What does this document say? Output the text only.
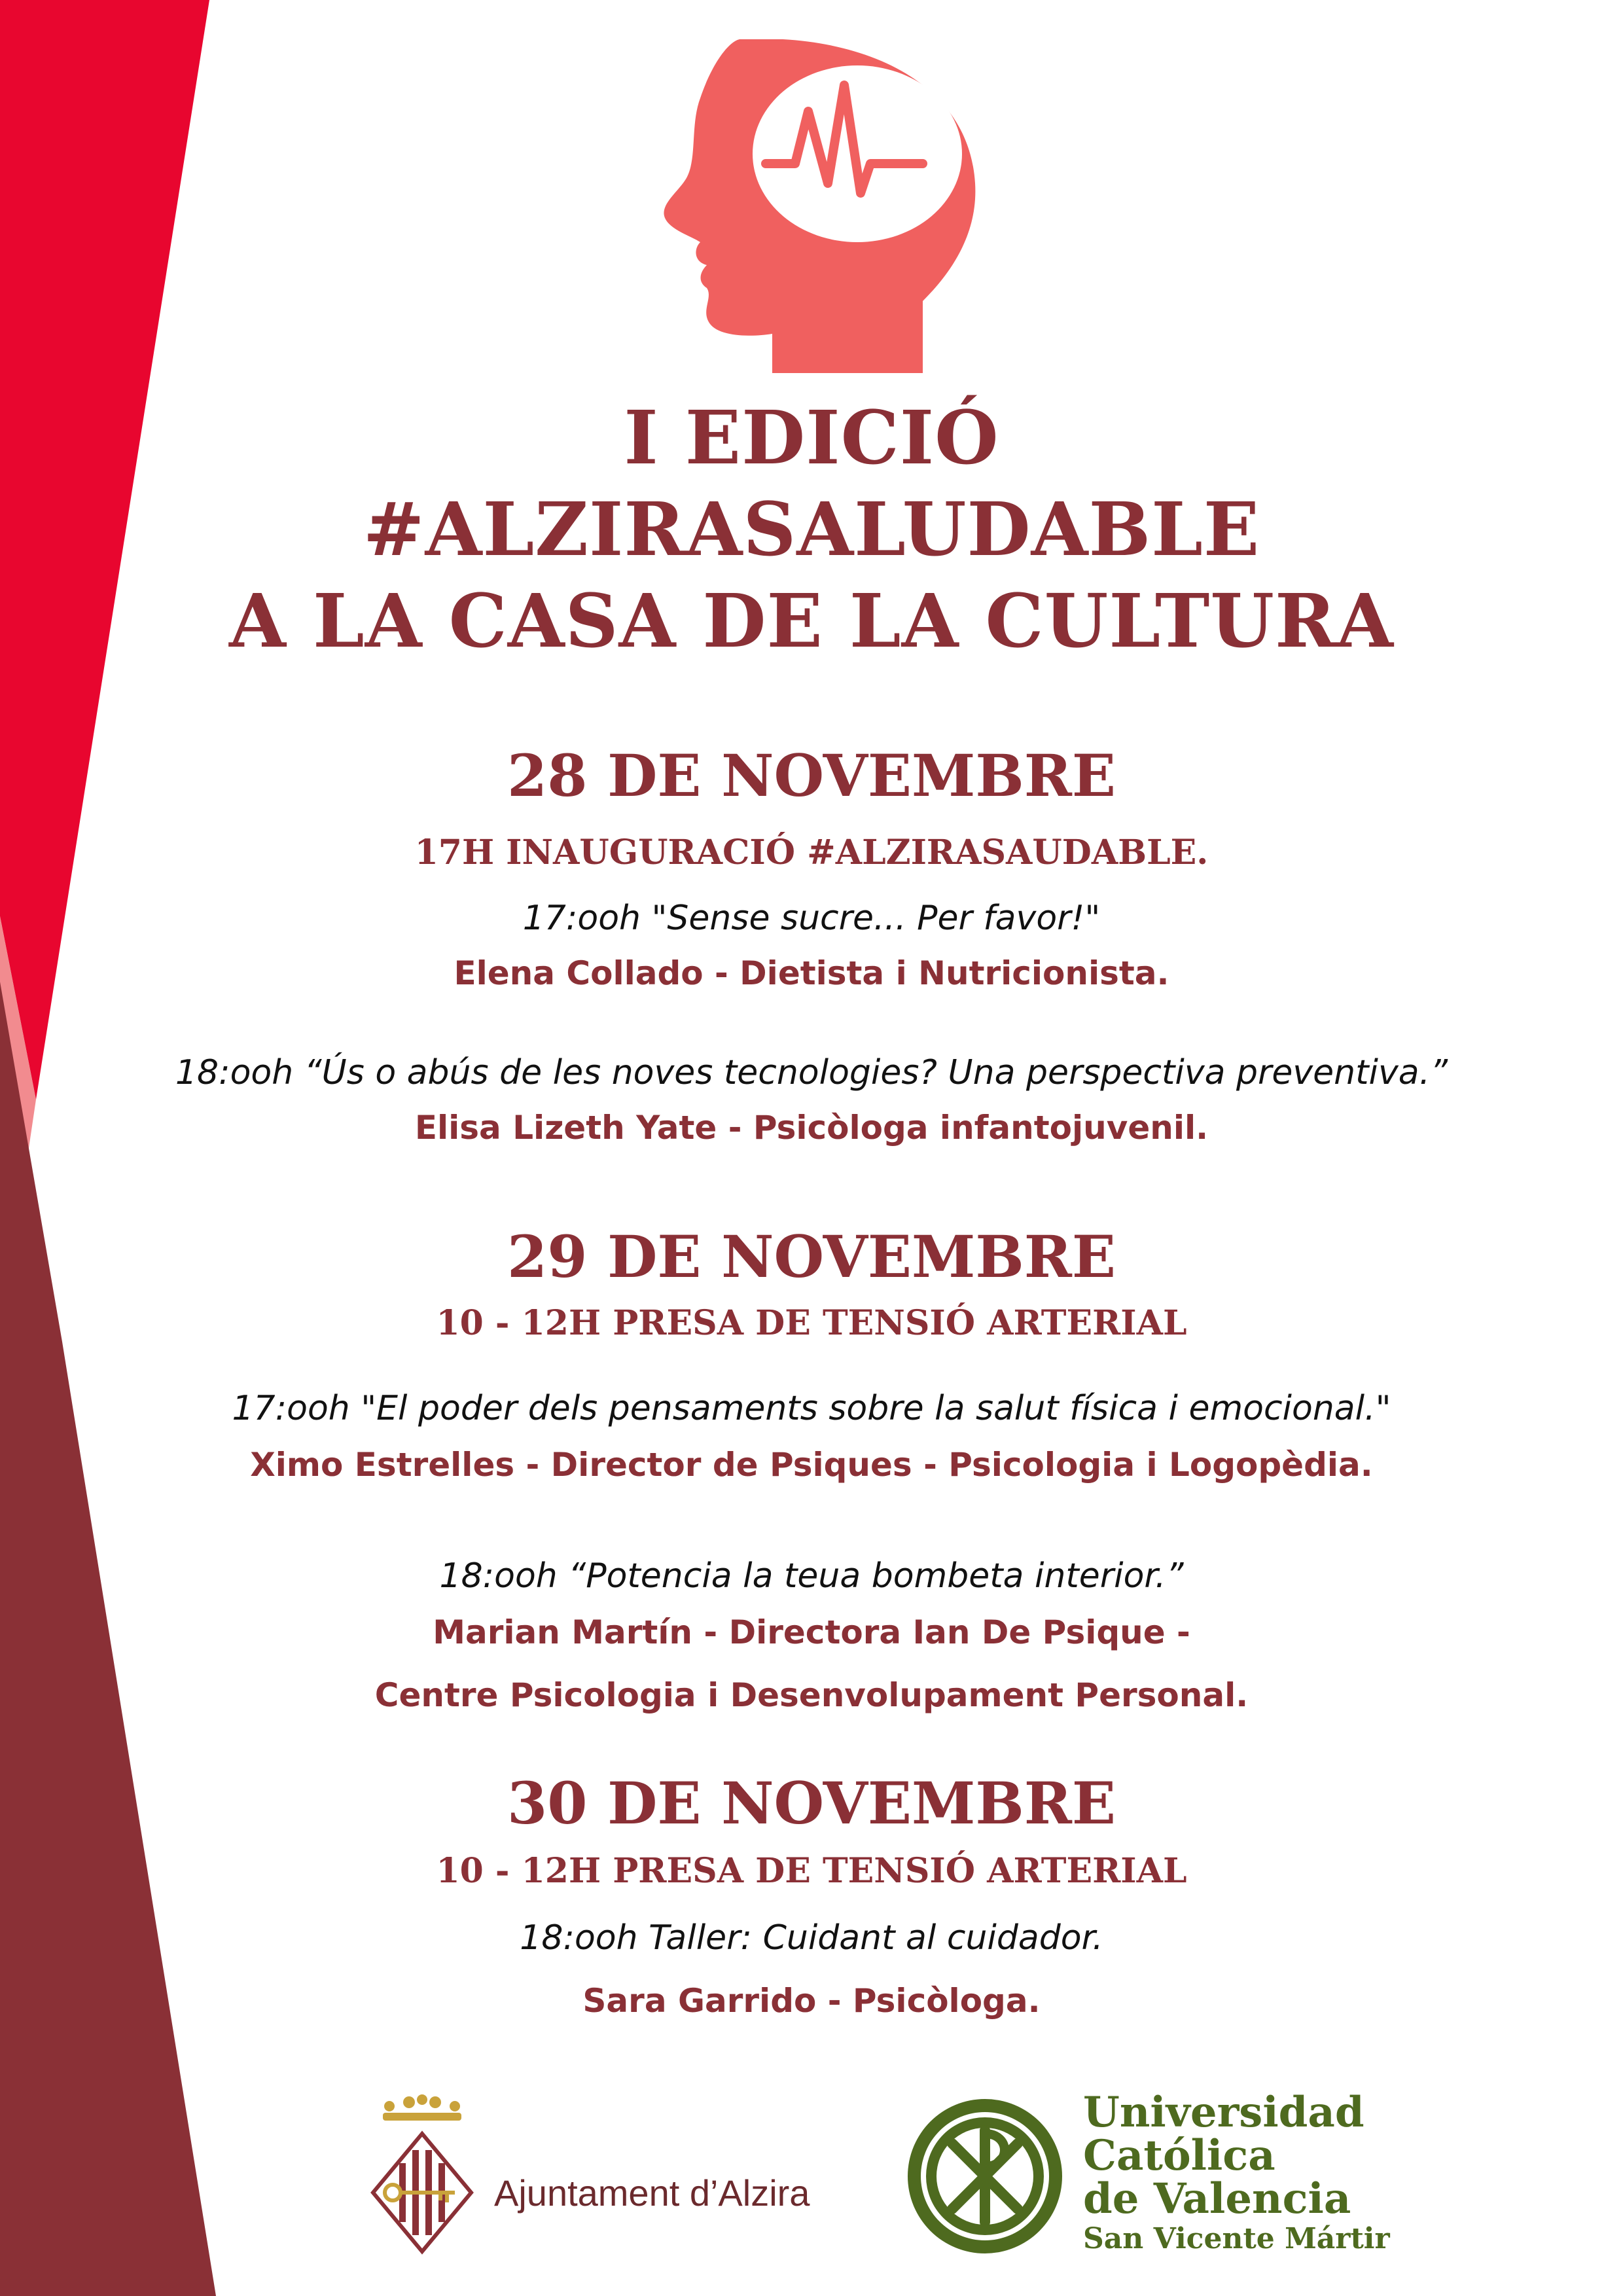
I EDICIÓ
#ALZIRASALUDABLE
A LA CASA DE LA CULTURA
28 DE NOVEMBRE
17H INAUGURACIÓ #ALZIRASAUDABLE.
17:ooh "Sense sucre... Per favor!"
Elena Collado - Dietista i Nutricionista.
18:ooh “Ús o abús de les noves tecnologies? Una perspectiva preventiva.”
Elisa Lizeth Yate - Psicòloga infantojuvenil.
29 DE NOVEMBRE
10 - 12H PRESA DE TENSIÓ ARTERIAL
17:ooh "El poder dels pensaments sobre la salut física i emocional."
Ximo Estrelles - Director de Psiques - Psicologia i Logopèdia.
18:ooh “Potencia la teua bombeta interior.”
Marian Martín - Directora Ian De Psique -
Centre Psicologia i Desenvolupament Personal.
30 DE NOVEMBRE
10 - 12H PRESA DE TENSIÓ ARTERIAL
18:ooh Taller: Cuidant al cuidador.
Sara Garrido - Psicòloga.
Ajuntament d’Alzira
Universidad
Católica
de Valencia
San Vicente Mártir
